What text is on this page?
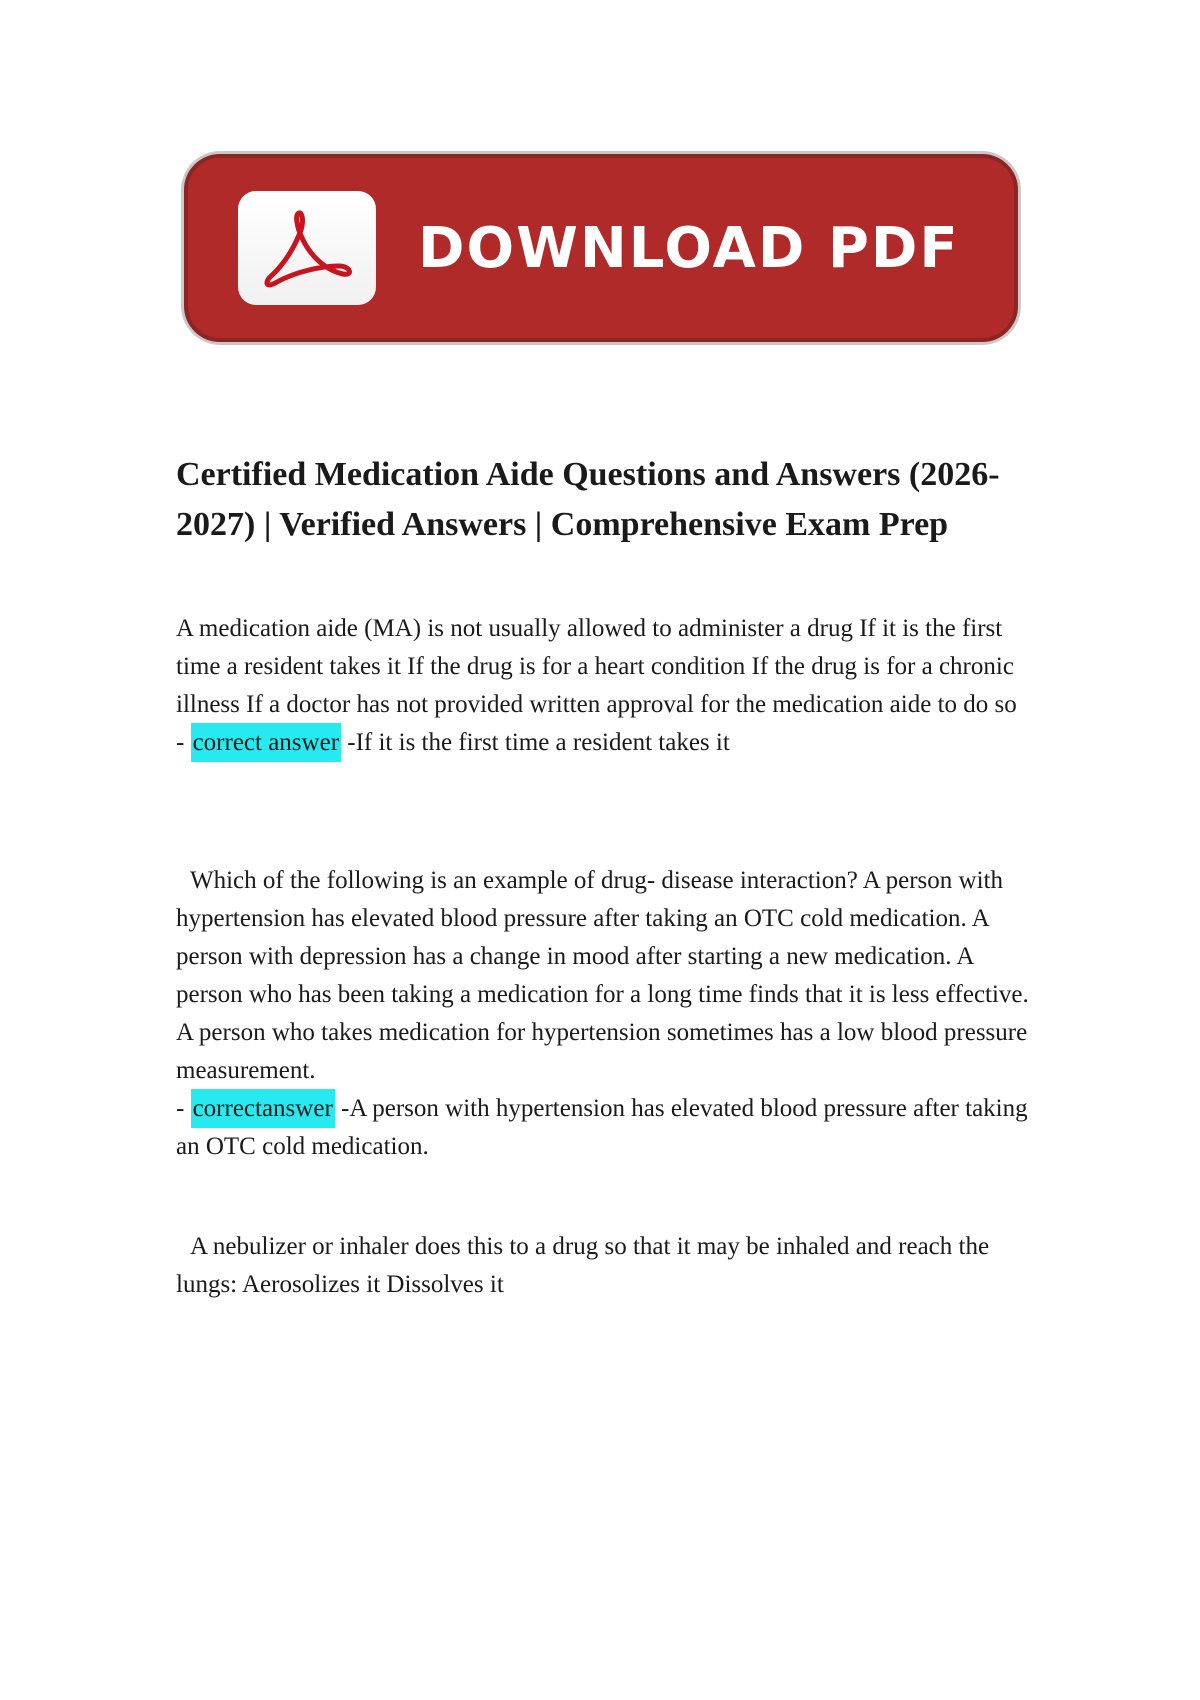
DOWNLOAD PDF
Certified Medication Aide Questions and Answers (2026-2027) | Verified Answers | Comprehensive Exam Prep

A medication aide (MA) is not usually allowed to administer a drug If it is the first time a resident takes it If the drug is for a heart condition If the drug is for a chronic illness If a doctor has not provided written approval for the medication aide to do so

- correct answer -If it is the first time a resident takes it

Which of the following is an example of drug- disease interaction? A person with hypertension has elevated blood pressure after taking an OTC cold medication. A person with depression has a change in mood after starting a new medication. A person who has been taking a medication for a long time finds that it is less effective. A person who takes medication for hypertension sometimes has a low blood pressure measurement.

- correctanswer -A person with hypertension has elevated blood pressure after taking an OTC cold medication.

A nebulizer or inhaler does this to a drug so that it may be inhaled and reach the lungs: Aerosolizes it Dissolves it
